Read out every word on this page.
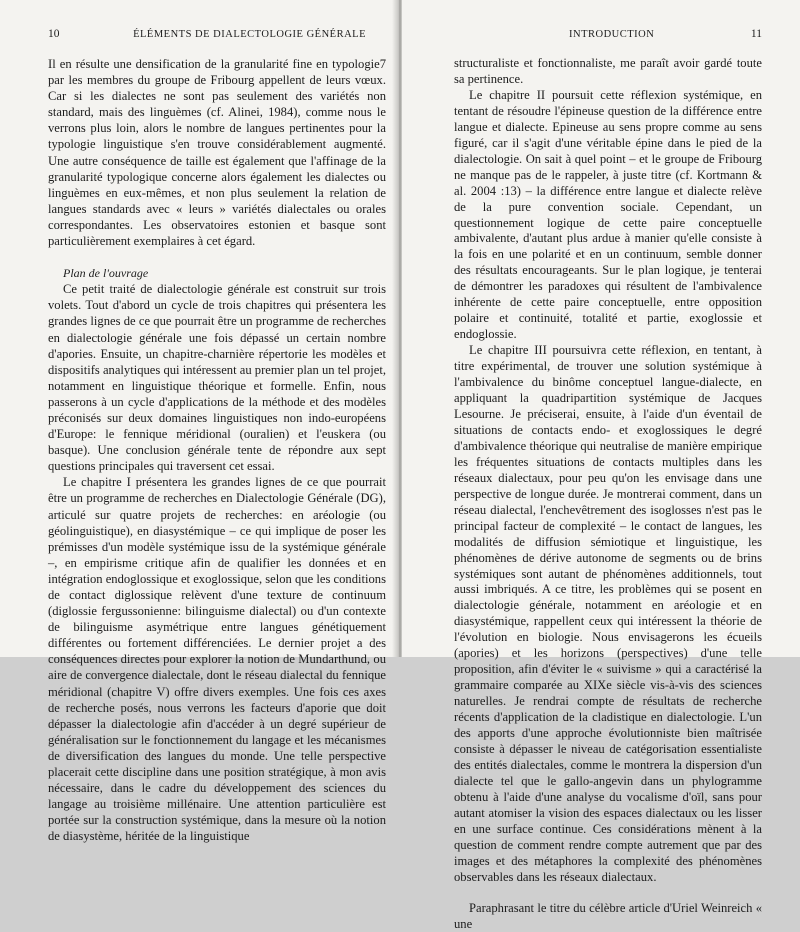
10	ÉLÉMENTS DE DIALECTOLOGIE GÉNÉRALE

Il en résulte une densification de la granularité fine en typologie7 par les membres du groupe de Fribourg appellent de leurs vœux. Car si les dialectes ne sont pas seulement des variétés non standard, mais des linguèmes (cf. Alinei, 1984), comme nous le verrons plus loin, alors le nombre de langues pertinentes pour la typologie linguistique s'en trouve considérablement augmenté. Une autre conséquence de taille est également que l'affinage de la granularité typologique concerne alors également les dialectes ou linguèmes en eux-mêmes, et non plus seulement la relation de langues standards avec « leurs » variétés dialectales ou orales correspondantes. Les observatoires estonien et basque sont particulièrement exemplaires à cet égard.

Plan de l'ouvrage

Ce petit traité de dialectologie générale est construit sur trois volets. Tout d'abord un cycle de trois chapitres qui présentera les grandes lignes de ce que pourrait être un programme de recherches en dialectologie générale une fois dépassé un certain nombre d'apories. Ensuite, un chapitre-charnière répertorie les modèles et dispositifs analytiques qui intéressent au premier plan un tel projet, notamment en linguistique théorique et formelle. Enfin, nous passerons à un cycle d'applications de la méthode et des modèles préconisés sur deux domaines linguistiques non indo-européens d'Europe: le fennique méridional (ouralien) et l'euskera (ou basque). Une conclusion générale tente de répondre aux sept questions principales qui traversent cet essai.

Le chapitre I présentera les grandes lignes de ce que pourrait être un programme de recherches en Dialectologie Générale (DG), articulé sur quatre projets de recherches: en aréologie (ou géolinguistique), en diasystémique – ce qui implique de poser les prémisses d'un modèle systémique issu de la systémique générale –, en empirisme critique afin de qualifier les données et en intégration endoglossique et exoglossique, selon que les conditions de contact diglossique relèvent d'une texture de continuum (diglossie fergussonienne: bilinguisme dialectal) ou d'un contexte de bilinguisme asymétrique entre langues génétiquement différentes ou fortement différenciées. Le dernier projet a des conséquences directes pour explorer la notion de Mundarthund, ou aire de convergence dialectale, dont le réseau dialectal du fennique méridional (chapitre V) offre divers exemples. Une fois ces axes de recherche posés, nous verrons les facteurs d'aporie que doit dépasser la dialectologie afin d'accéder à un degré supérieur de généralisation sur le fonctionnement du langage et les mécanismes de diversification des langues du monde. Une telle perspective placerait cette discipline dans une position stratégique, à mon avis nécessaire, dans le cadre du développement des sciences du langage au troisième millénaire. Une attention particulière est portée sur la construction systémique, dans la mesure où la notion de diasystème, héritée de la linguistique

INTRODUCTION	11

structuraliste et fonctionnaliste, me paraît avoir gardé toute sa pertinence.

Le chapitre II poursuit cette réflexion systémique, en tentant de résoudre l'épineuse question de la différence entre langue et dialecte. Epineuse au sens propre comme au sens figuré, car il s'agit d'une véritable épine dans le pied de la dialectologie. On sait à quel point – et le groupe de Fribourg ne manque pas de le rappeler, à juste titre (cf. Kortmann & al. 2004 :13) – la différence entre langue et dialecte relève de la pure convention sociale. Cependant, un questionnement logique de cette paire conceptuelle ambivalente, d'autant plus ardue à manier qu'elle consiste à la fois en une polarité et en un continuum, semble donner des résultats encourageants. Sur le plan logique, je tenterai de démontrer les paradoxes qui résultent de l'ambivalence inhérente de cette paire conceptuelle, entre opposition polaire et continuité, totalité et partie, exoglossie et endoglossie.

Le chapitre III poursuivra cette réflexion, en tentant, à titre expérimental, de trouver une solution systémique à l'ambivalence du binôme conceptuel langue-dialecte, en appliquant la quadripartition systémique de Jacques Lesourne. Je préciserai, ensuite, à l'aide d'un éventail de situations de contacts endo- et exoglossiques le degré d'ambivalence théorique qui neutralise de manière empirique les fréquentes situations de contacts multiples dans les réseaux dialectaux, pour peu qu'on les envisage dans une perspective de longue durée. Je montrerai comment, dans un réseau dialectal, l'enchevêtrement des isoglosses n'est pas le principal facteur de complexité – le contact de langues, les modalités de diffusion sémiotique et linguistique, les phénomènes de dérive autonome de segments ou de brins systémiques sont autant de phénomènes additionnels, tout aussi imbriqués. A ce titre, les problèmes qui se posent en dialectologie générale, notamment en aréologie et en diasystémique, rappellent ceux qui intéressent la théorie de l'évolution en biologie. Nous envisagerons les écueils (apories) et les horizons (perspectives) d'une telle proposition, afin d'éviter le « suivisme » qui a caractérisé la grammaire comparée au XIXe siècle vis-à-vis des sciences naturelles. Je rendrai compte de résultats de recherche récents d'application de la cladistique en dialectologie. L'un des apports d'une approche évolutionniste bien maîtrisée consiste à dépasser le niveau de catégorisation essentialiste des entités dialectales, comme le montrera la dispersion d'un dialecte tel que le gallo-angevin dans un phylogramme obtenu à l'aide d'une analyse du vocalisme d'oïl, sans pour autant atomiser la vision des espaces dialectaux ou les lisser en une surface continue. Ces considérations mènent à la question de comment rendre compte autrement que par des images et des métaphores la complexité des phénomènes observables dans les réseaux dialectaux.

Paraphrasant le titre du célèbre article d'Uriel Weinreich « une
